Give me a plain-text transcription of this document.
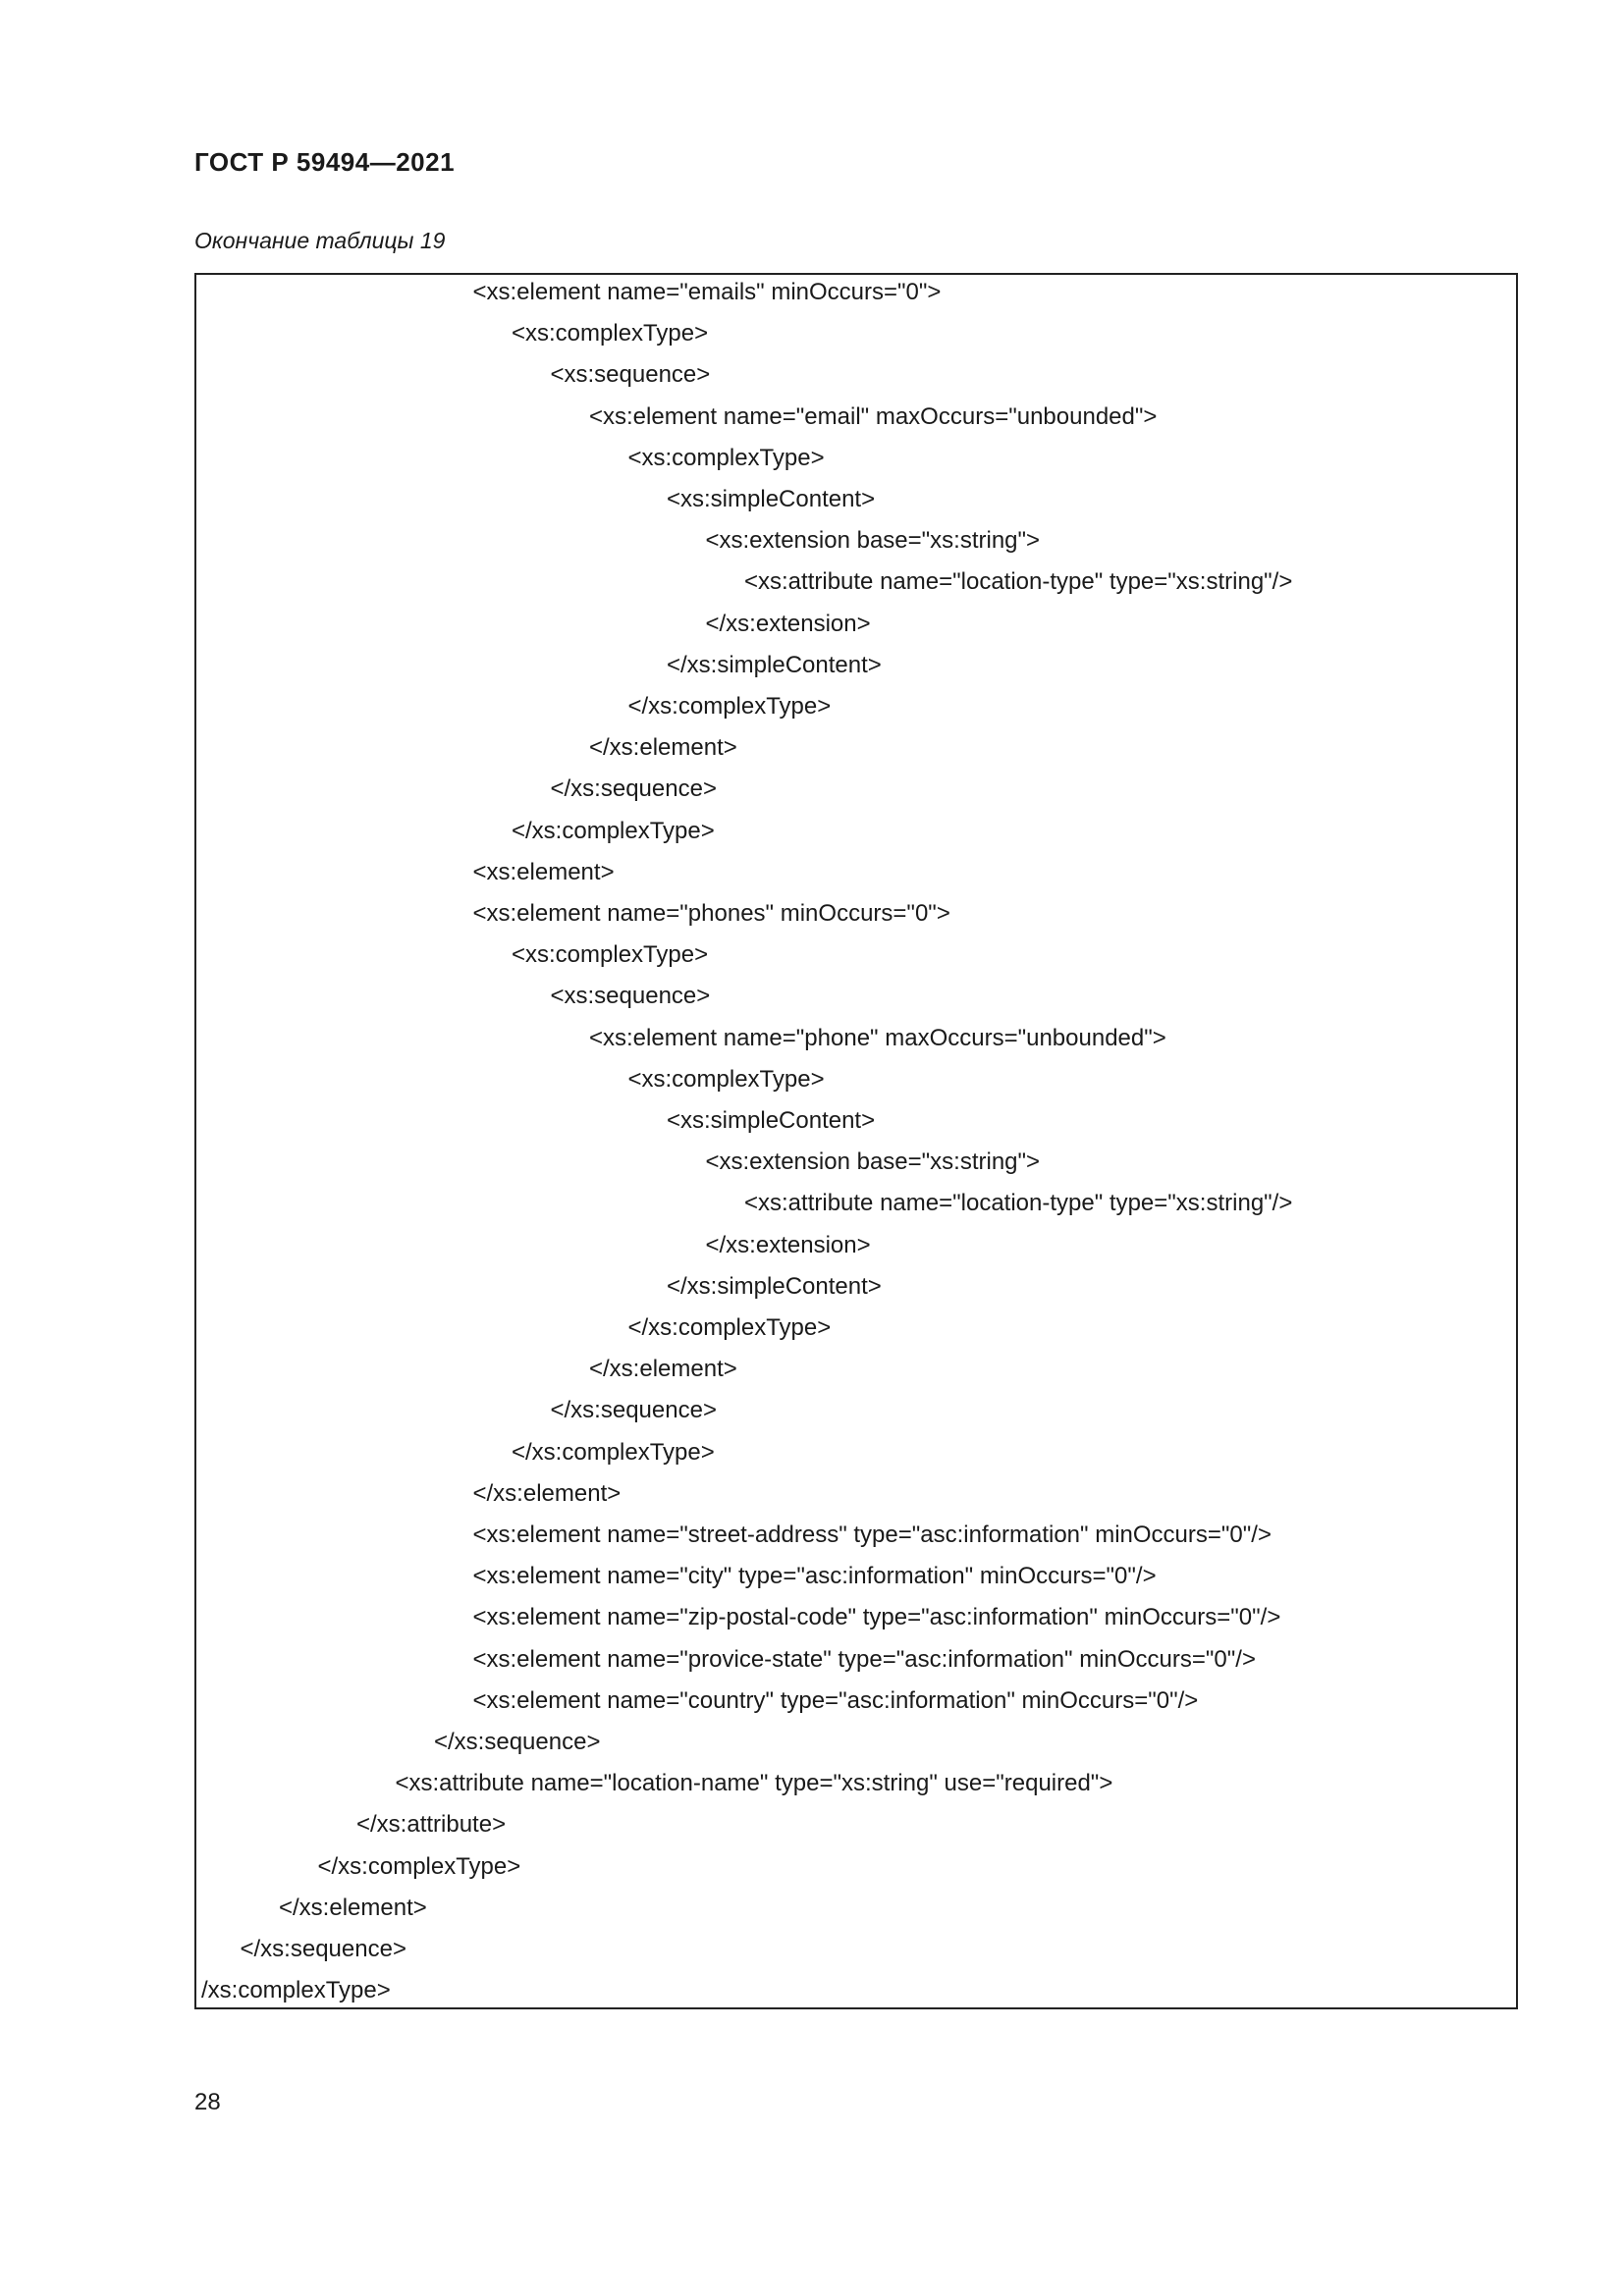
ГОСТ Р 59494—2021
Окончание таблицы 19
<xs:element name="emails" minOccurs="0">
<xs:complexType>
<xs:sequence>
<xs:element name="email" maxOccurs="unbounded">
<xs:complexType>
<xs:simpleContent>
<xs:extension base="xs:string">
<xs:attribute name="location-type" type="xs:string"/>
</xs:extension>
</xs:simpleContent>
</xs:complexType>
</xs:element>
</xs:sequence>
</xs:complexType>
<xs:element>
<xs:element name="phones" minOccurs="0">
<xs:complexType>
<xs:sequence>
<xs:element name="phone" maxOccurs="unbounded">
<xs:complexType>
<xs:simpleContent>
<xs:extension base="xs:string">
<xs:attribute name="location-type" type="xs:string"/>
</xs:extension>
</xs:simpleContent>
</xs:complexType>
</xs:element>
</xs:sequence>
</xs:complexType>
</xs:element>
<xs:element name="street-address" type="asc:information" minOccurs="0"/>
<xs:element name="city" type="asc:information" minOccurs="0"/>
<xs:element name="zip-postal-code" type="asc:information" minOccurs="0"/>
<xs:element name="provice-state" type="asc:information" minOccurs="0"/>
<xs:element name="country" type="asc:information" minOccurs="0"/>
</xs:sequence>
<xs:attribute name="location-name" type="xs:string" use="required">
</xs:attribute>
</xs:complexType>
</xs:element>
</xs:sequence>
/xs:complexType>
28
